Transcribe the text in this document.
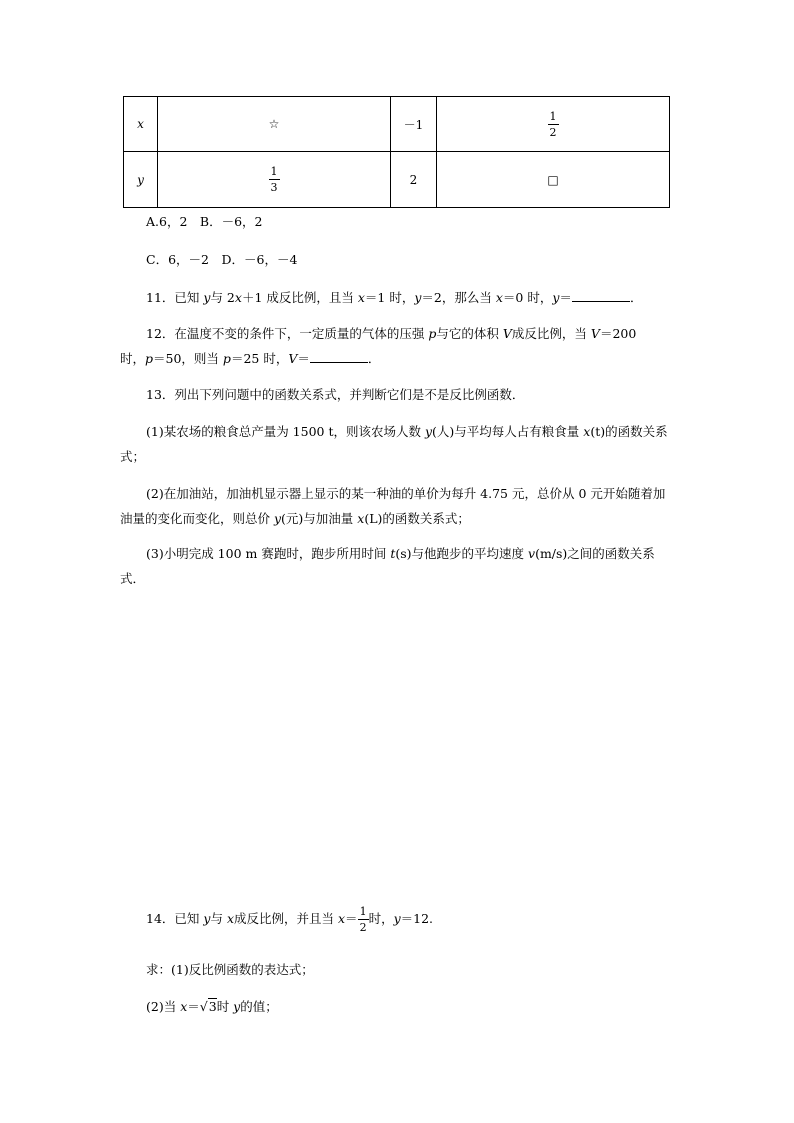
x	☆	－1	$\frac{1}{2}$

y	$\frac{1}{3}$	2	□
A.6，2　B．－6，2
C．6，－2　D．－6，－4
11．已知 y与 2x＋1 成反比例，且当 x＝1 时，y＝2，那么当 x＝0 时，y＝	．
12．在温度不变的条件下，一定质量的气体的压强 p与它的体积 V成反比例，当 V＝200
时，p＝50，则当 p＝25 时，V＝	．
13．列出下列问题中的函数关系式，并判断它们是不是反比例函数．
(1)某农场的粮食总产量为 1500 t，则该农场人数 y(人)与平均每人占有粮食量 x(t)的函数关系式；
(2)在加油站，加油机显示器上显示的某一种油的单价为每升 4.75 元，总价从 0 元开始随着加油量的变化而变化，则总价 y(元)与加油量 x(L)的函数关系式；
(3)小明完成 100 m 赛跑时，跑步所用时间 t(s)与他跑步的平均速度 v(m/s)之间的函数关系式．
14．已知 y与 x成反比例，并且当 $x= \frac{1}{2}$ 时，y＝12.
求：(1)反比例函数的表达式；
(2)当 x＝√3时 y的值；
